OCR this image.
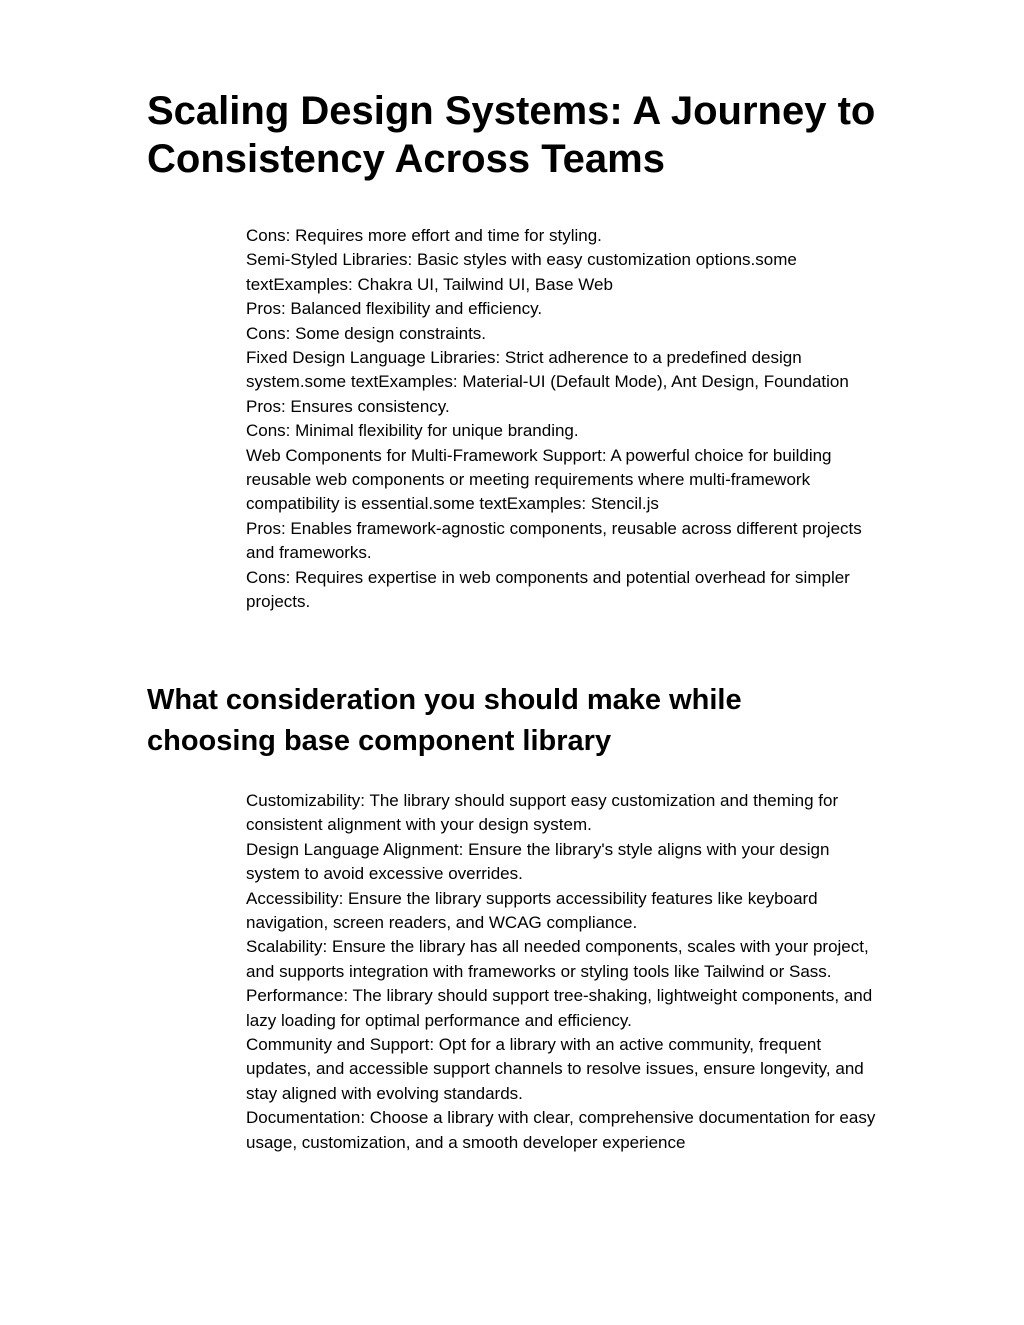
Scaling Design Systems: A Journey to Consistency Across Teams
Cons: Requires more effort and time for styling.
Semi-Styled Libraries: Basic styles with easy customization options.some textExamples: Chakra UI, Tailwind UI, Base Web
Pros: Balanced flexibility and efficiency.
Cons: Some design constraints.
Fixed Design Language Libraries: Strict adherence to a predefined design system.some textExamples: Material-UI (Default Mode), Ant Design, Foundation
Pros: Ensures consistency.
Cons: Minimal flexibility for unique branding.
Web Components for Multi-Framework Support: A powerful choice for building reusable web components or meeting requirements where multi-framework compatibility is essential.some textExamples: Stencil.js
Pros: Enables framework-agnostic components, reusable across different projects and frameworks.
Cons: Requires expertise in web components and potential overhead for simpler projects.
What consideration you should make while choosing base component library
Customizability: The library should support easy customization and theming for consistent alignment with your design system.
Design Language Alignment: Ensure the library's style aligns with your design system to avoid excessive overrides.
Accessibility: Ensure the library supports accessibility features like keyboard navigation, screen readers, and WCAG compliance.
Scalability: Ensure the library has all needed components, scales with your project, and supports integration with frameworks or styling tools like Tailwind or Sass.
Performance: The library should support tree-shaking, lightweight components, and lazy loading for optimal performance and efficiency.
Community and Support: Opt for a library with an active community, frequent updates, and accessible support channels to resolve issues, ensure longevity, and stay aligned with evolving standards.
Documentation: Choose a library with clear, comprehensive documentation for easy usage, customization, and a smooth developer experience
